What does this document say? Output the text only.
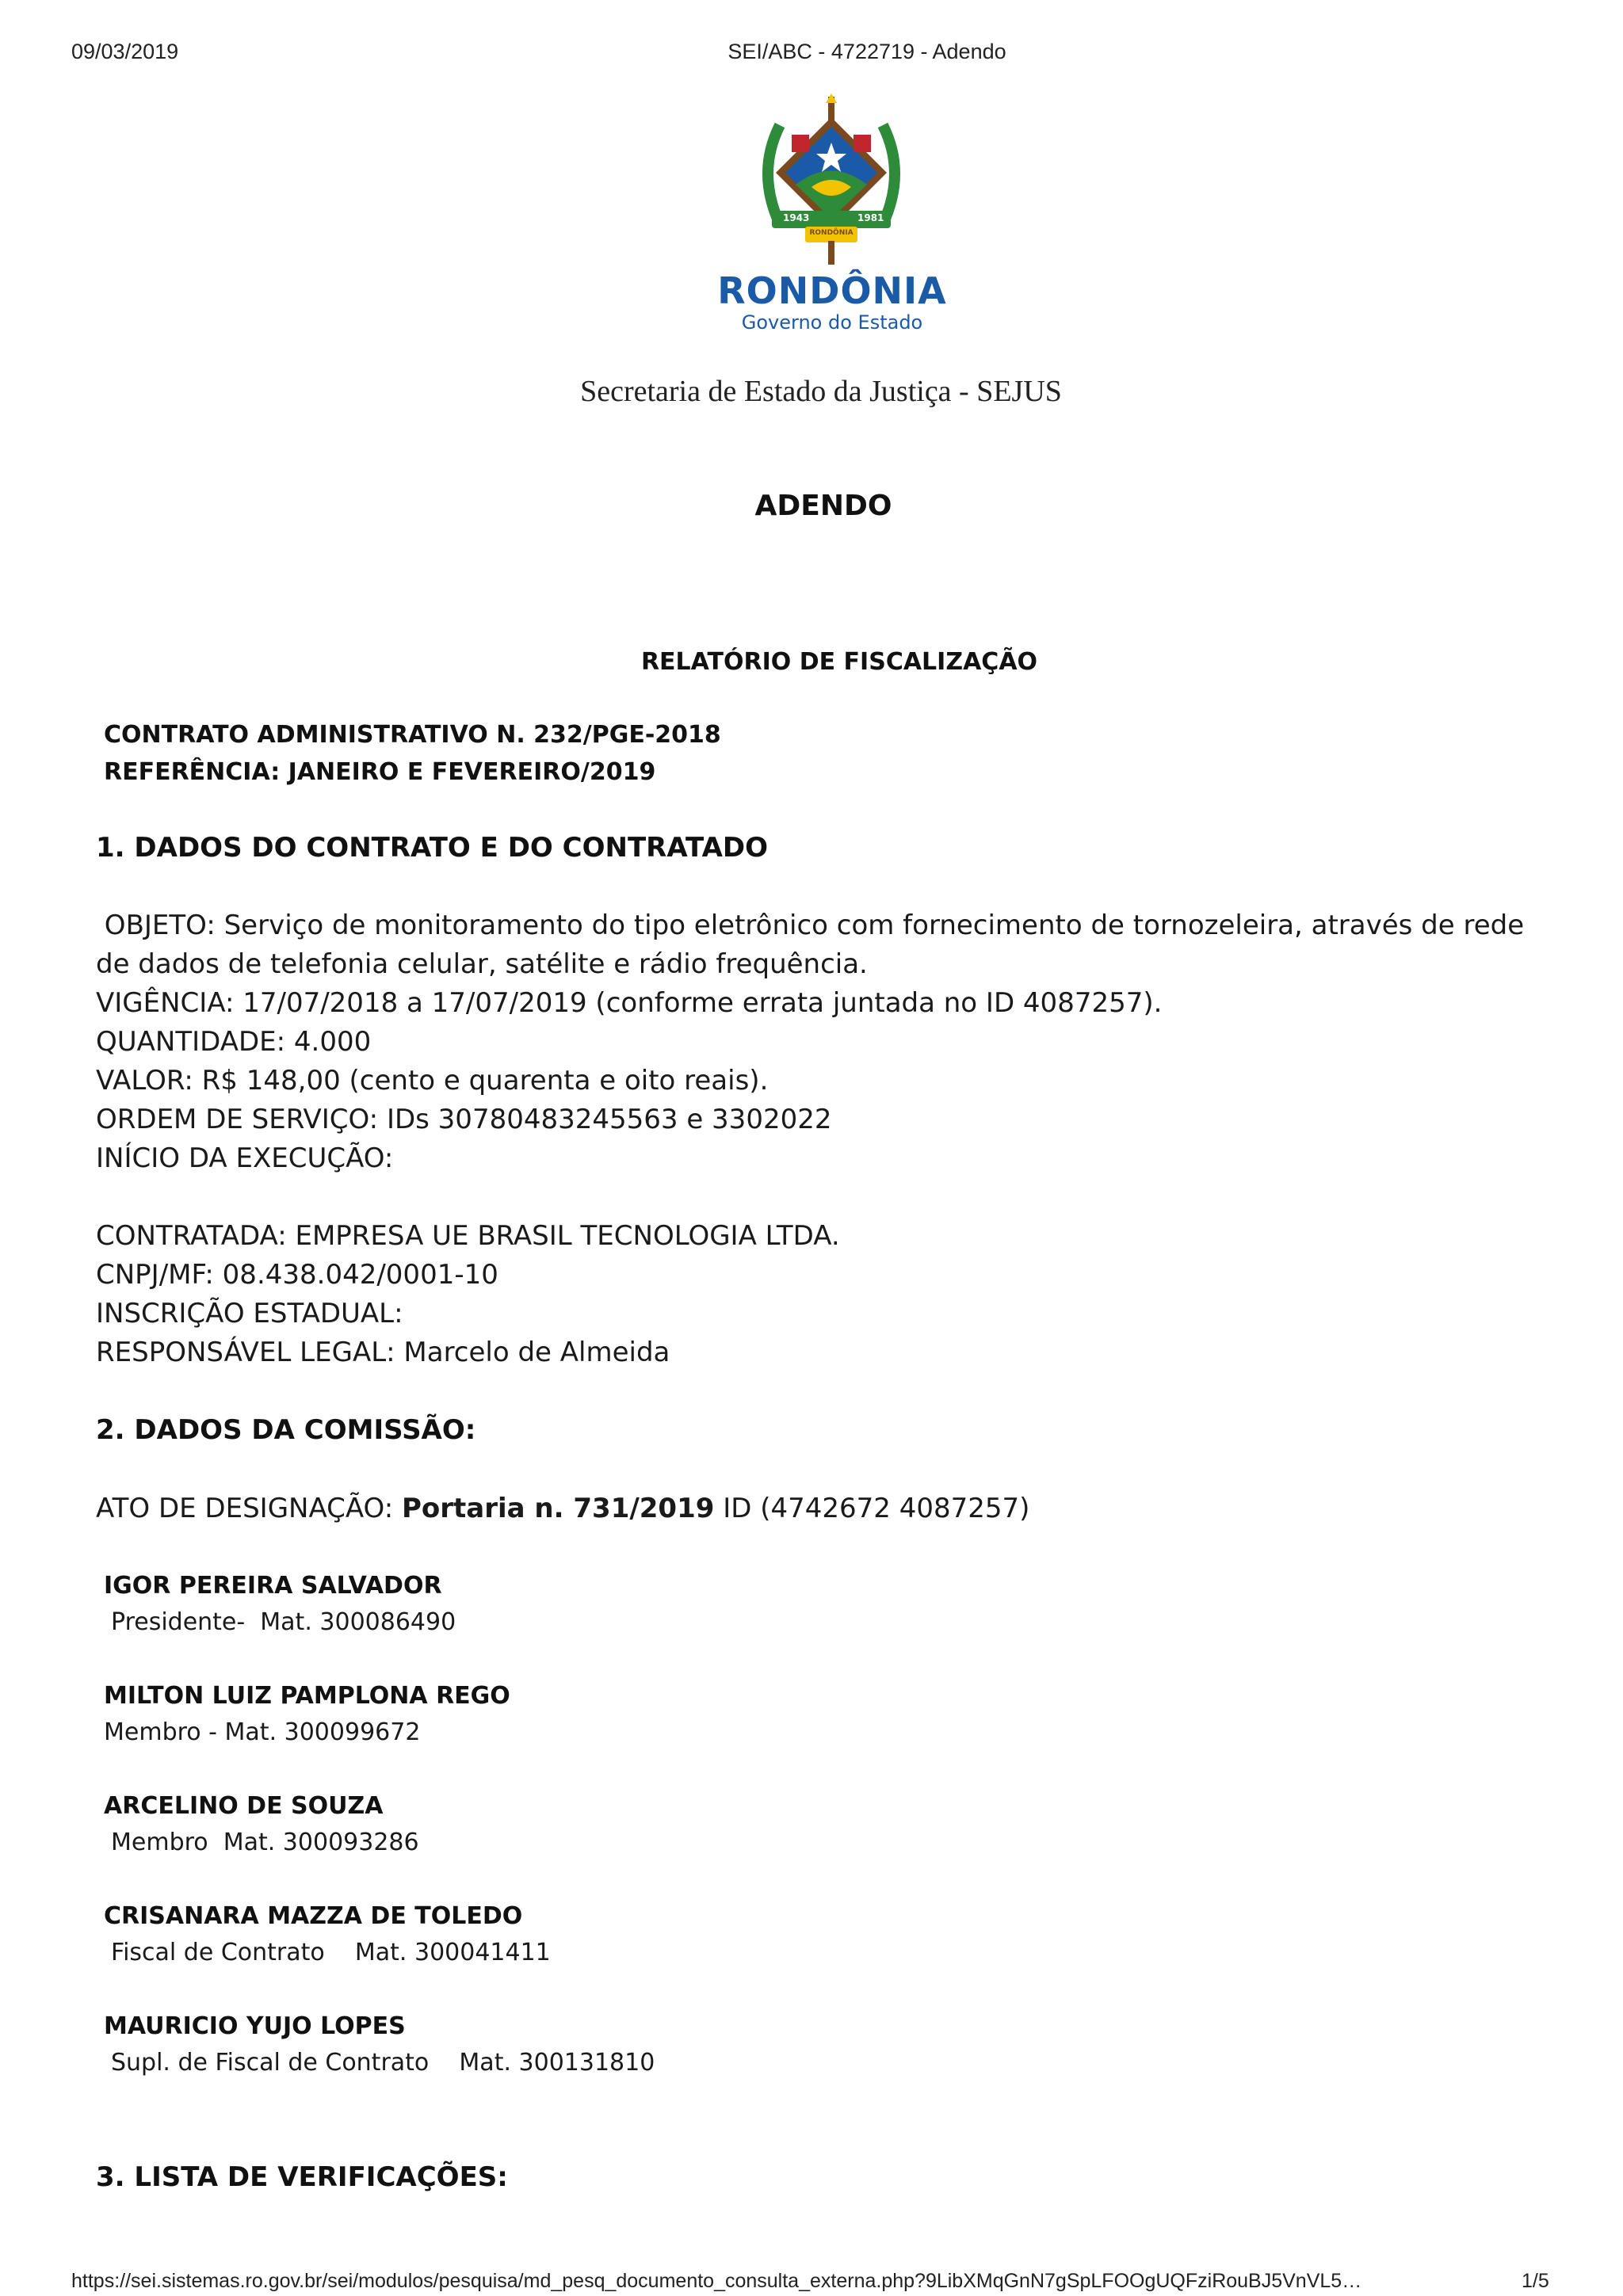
09/03/2019	SEI/ABC - 4722719 - Adendo
1943	1981
RONDÔNIA
RONDÔNIA
Governo do Estado
Secretaria de Estado da Justiça - SEJUS
ADENDO
RELATÓRIO DE FISCALIZAÇÃO
CONTRATO ADMINISTRATIVO N. 232/PGE-2018
REFERÊNCIA: JANEIRO E FEVEREIRO/2019
1. DADOS DO CONTRATO E DO CONTRATADO
OBJETO: Serviço de monitoramento do tipo eletrônico com fornecimento de tornozeleira, através de rede
de dados de telefonia celular, satélite e rádio frequência.
VIGÊNCIA: 17/07/2018 a 17/07/2019 (conforme errata juntada no ID 4087257).
QUANTIDADE: 4.000
VALOR: R$ 148,00 (cento e quarenta e oito reais).
ORDEM DE SERVIÇO: IDs 30780483245563 e 3302022
INÍCIO DA EXECUÇÃO:
CONTRATADA: EMPRESA UE BRASIL TECNOLOGIA LTDA.
CNPJ/MF: 08.438.042/0001-10
INSCRIÇÃO ESTADUAL:
RESPONSÁVEL LEGAL: Marcelo de Almeida
2. DADOS DA COMISSÃO:
ATO DE DESIGNAÇÃO: Portaria n. 731/2019 ID (4742672 4087257)
IGOR PEREIRA SALVADOR
Presidente-  Mat. 300086490
MILTON LUIZ PAMPLONA REGO
Membro - Mat. 300099672
ARCELINO DE SOUZA
Membro  Mat. 300093286
CRISANARA MAZZA DE TOLEDO
Fiscal de Contrato    Mat. 300041411
MAURICIO YUJO LOPES
Supl. de Fiscal de Contrato    Mat. 300131810
3. LISTA DE VERIFICAÇÕES:
https://sei.sistemas.ro.gov.br/sei/modulos/pesquisa/md_pesq_documento_consulta_externa.php?9LibXMqGnN7gSpLFOOgUQFziRouBJ5VnVL5…	1/5
